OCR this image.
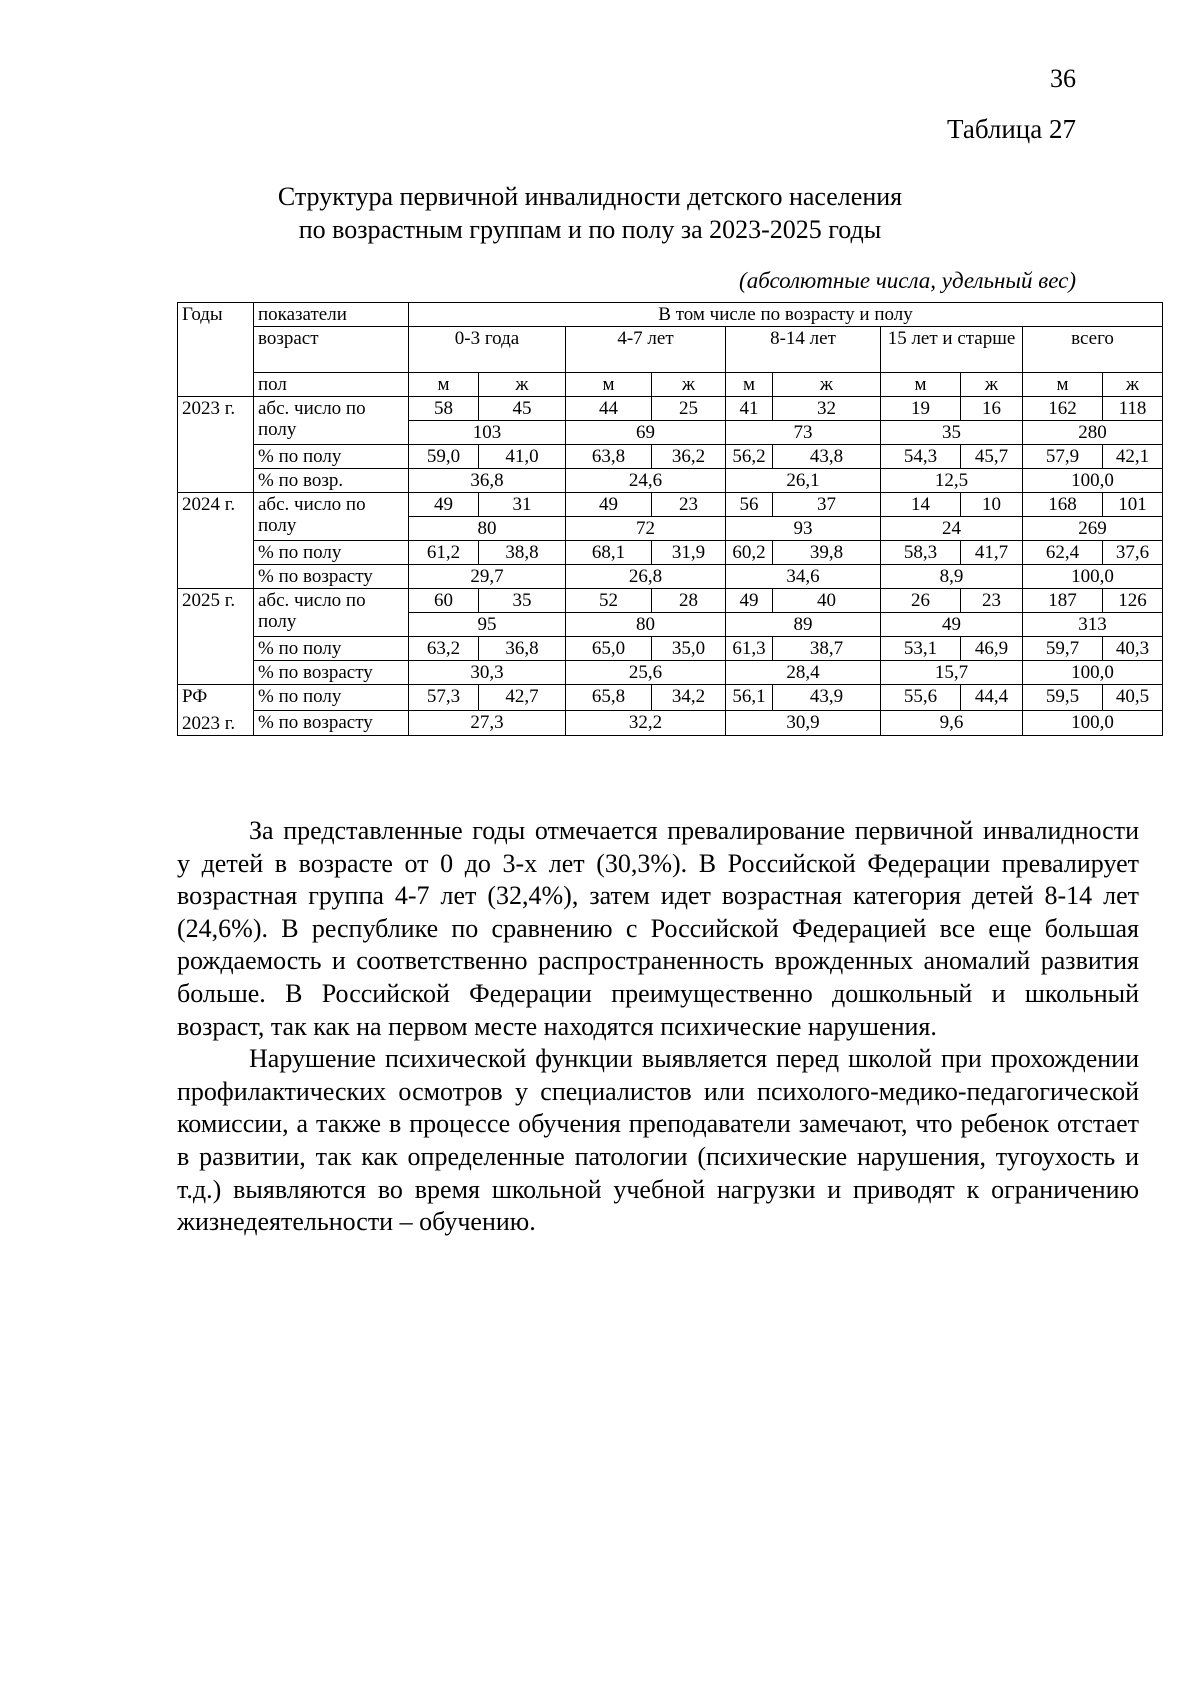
36
Таблица 27
Структура первичной инвалидности детского населения
по возрастным группам и по полу за 2023-2025 годы
(абсолютные числа, удельный вес)
Годы	показатели	В том числе по возрасту и полу									
	возраст	0-3 года		4-7 лет		8-14 лет		15 лет и старше		всего	
	пол	м	ж	м	ж	м	ж	м	ж	м	ж
2023 г.	абс. число по полу	58	45	44	25	41	32	19	16	162	118
		103		69		73		35		280	
	% по полу	59,0	41,0	63,8	36,2	56,2	43,8	54,3	45,7	57,9	42,1
	% по возр.	36,8		24,6		26,1		12,5		100,0	
2024 г.	абс. число по полу	49	31	49	23	56	37	14	10	168	101
		80		72		93		24		269	
	% по полу	61,2	38,8	68,1	31,9	60,2	39,8	58,3	41,7	62,4	37,6
	% по возрасту	29,7		26,8		34,6		8,9		100,0	
2025 г.	абс. число по полу	60	35	52	28	49	40	26	23	187	126
		95		80		89		49		313	
	% по полу	63,2	36,8	65,0	35,0	61,3	38,7	53,1	46,9	59,7	40,3
	% по возрасту	30,3		25,6		28,4		15,7		100,0	

РФ
2023 г.	% по полу	57,3	42,7	65,8	34,2	56,1	43,9	55,6	44,4	59,5	40,5
	% по возрасту	27,3		32,2		30,9		9,6		100,0	

За представленные годы отмечается превалирование первичной инвалидности у детей в возрасте от 0 до 3-х лет (30,3%). В Российской Федерации превалирует возрастная группа 4-7 лет (32,4%), затем идет возрастная категория детей 8-14 лет (24,6%). В республике по сравнению с Российской Федерацией все еще большая рождаемость и соответственно распространенность врожденных аномалий развития больше. В Российской Федерации преимущественно дошкольный и школьный возраст, так как на первом месте находятся психические нарушения.

Нарушение психической функции выявляется перед школой при прохождении профилактических осмотров у специалистов или психолого-медико-педагогической комиссии, а также в процессе обучения преподаватели замечают, что ребенок отстает в развитии, так как определенные патологии (психические нарушения, тугоухость и т.д.) выявляются во время школьной учебной нагрузки и приводят к ограничению жизнедеятельности – обучению.
